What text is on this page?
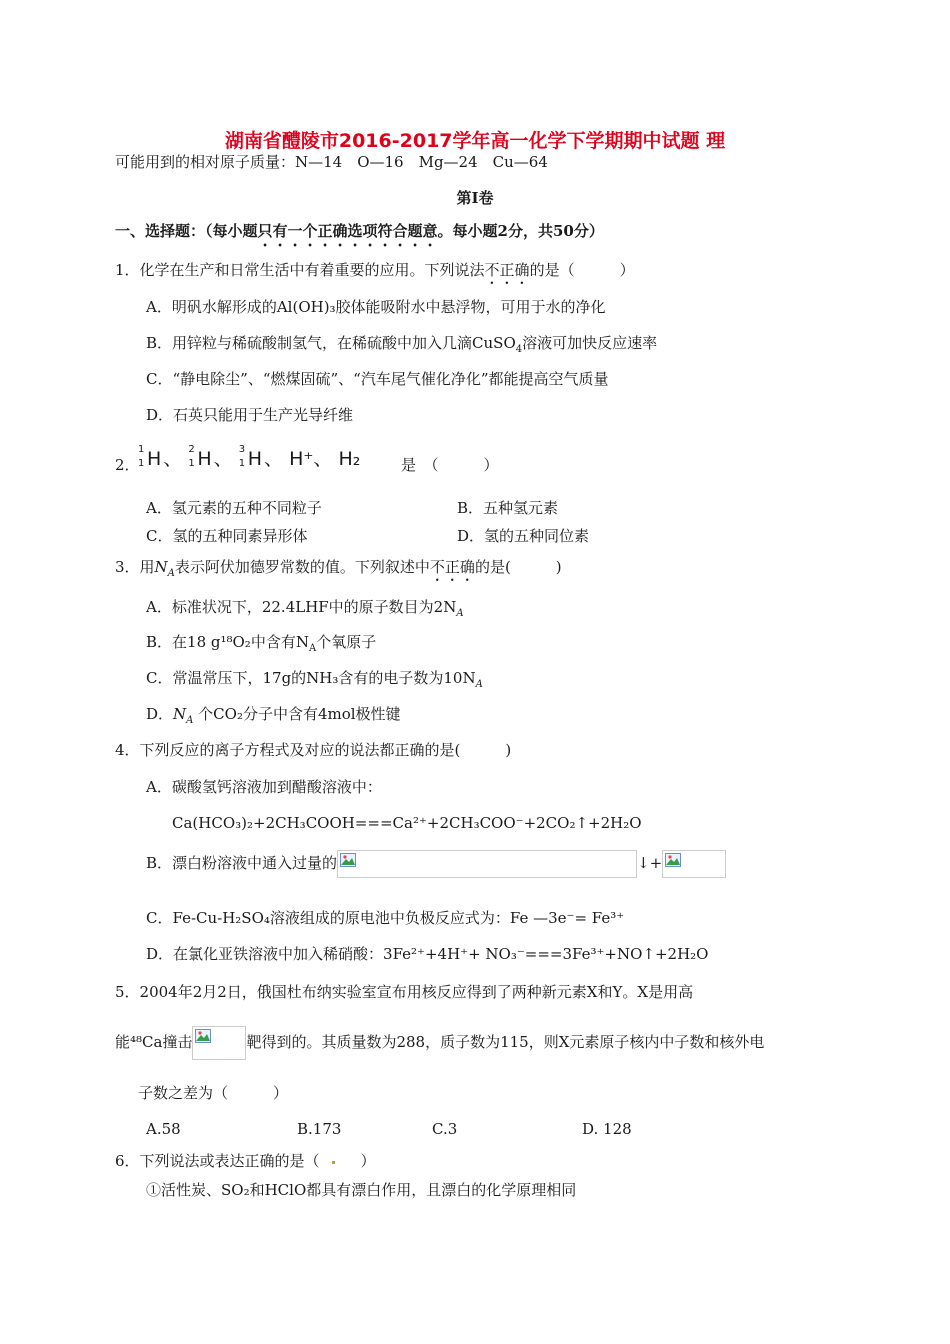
湖南省醴陵市2016-2017学年高一化学下学期期中试题 理
可能用到的相对原子质量：N—14　O—16　Mg—24　Cu—64
第Ⅰ卷
一、选择题：（每小题只有一个正确选项符合题意。每小题2分，共50分）
1．化学在生产和日常生活中有着重要的应用。下列说法不正确的是（　　　）
A．明矾水解形成的Al(OH)₃胶体能吸附水中悬浮物，可用于水的净化
B．用锌粒与稀硫酸制氢气，在稀硫酸中加入几滴CuSO$_4$溶液可加快反应速率
C．“静电除尘”、“燃煤固硫”、“汽车尾气催化净化”都能提高空气质量
D．石英只能用于生产光导纤维
2．
1
1 H 、 2
1 H 、 3
1 H 、 H⁺、 H₂	是　（　　　）
A．氢元素的五种不同粒子	B．五种氢元素
C．氢的五种同素异形体	D．氢的五种同位素
3．用$N_A$表示阿伏加德罗常数的值。下列叙述中不正确的是(　　　)
A．标准状况下，22.4LHF中的原子数目为$2N_A$
B．在18 g¹⁸O₂中含有$N_A$个氧原子
C．常温常压下，17g的NH₃含有的电子数为$10N_A$
D．$N_A$ 个CO₂分子中含有4mol极性键
4．下列反应的离子方程式及对应的说法都正确的是(　　　)
A．碳酸氢钙溶液加到醋酸溶液中：
Ca(HCO₃)₂+2CH₃COOH===Ca²⁺+2CH₃COO⁻+2CO₂↑+2H₂O
B．漂白粉溶液中通入过量的	↓+
C．Fe-Cu-H₂SO₄溶液组成的原电池中负极反应式为：Fe —3e⁻= Fe³⁺
D．在氯化亚铁溶液中加入稀硝酸：3Fe²⁺+4H⁺+ NO₃⁻===3Fe³⁺+NO↑+2H₂O
5．2004年2月2日，俄国杜布纳实验室宣布用核反应得到了两种新元素X和Y。X是用高
能⁴⁸Ca撞击	靶得到的。其质量数为288，质子数为115，则X元素原子核内中子数和核外电
子数之差为（　　　）
A.58	B.173	C.3	D. 128
6．下列说法或表达正确的是（
　）
①活性炭、SO₂和HClO都具有漂白作用，且漂白的化学原理相同
